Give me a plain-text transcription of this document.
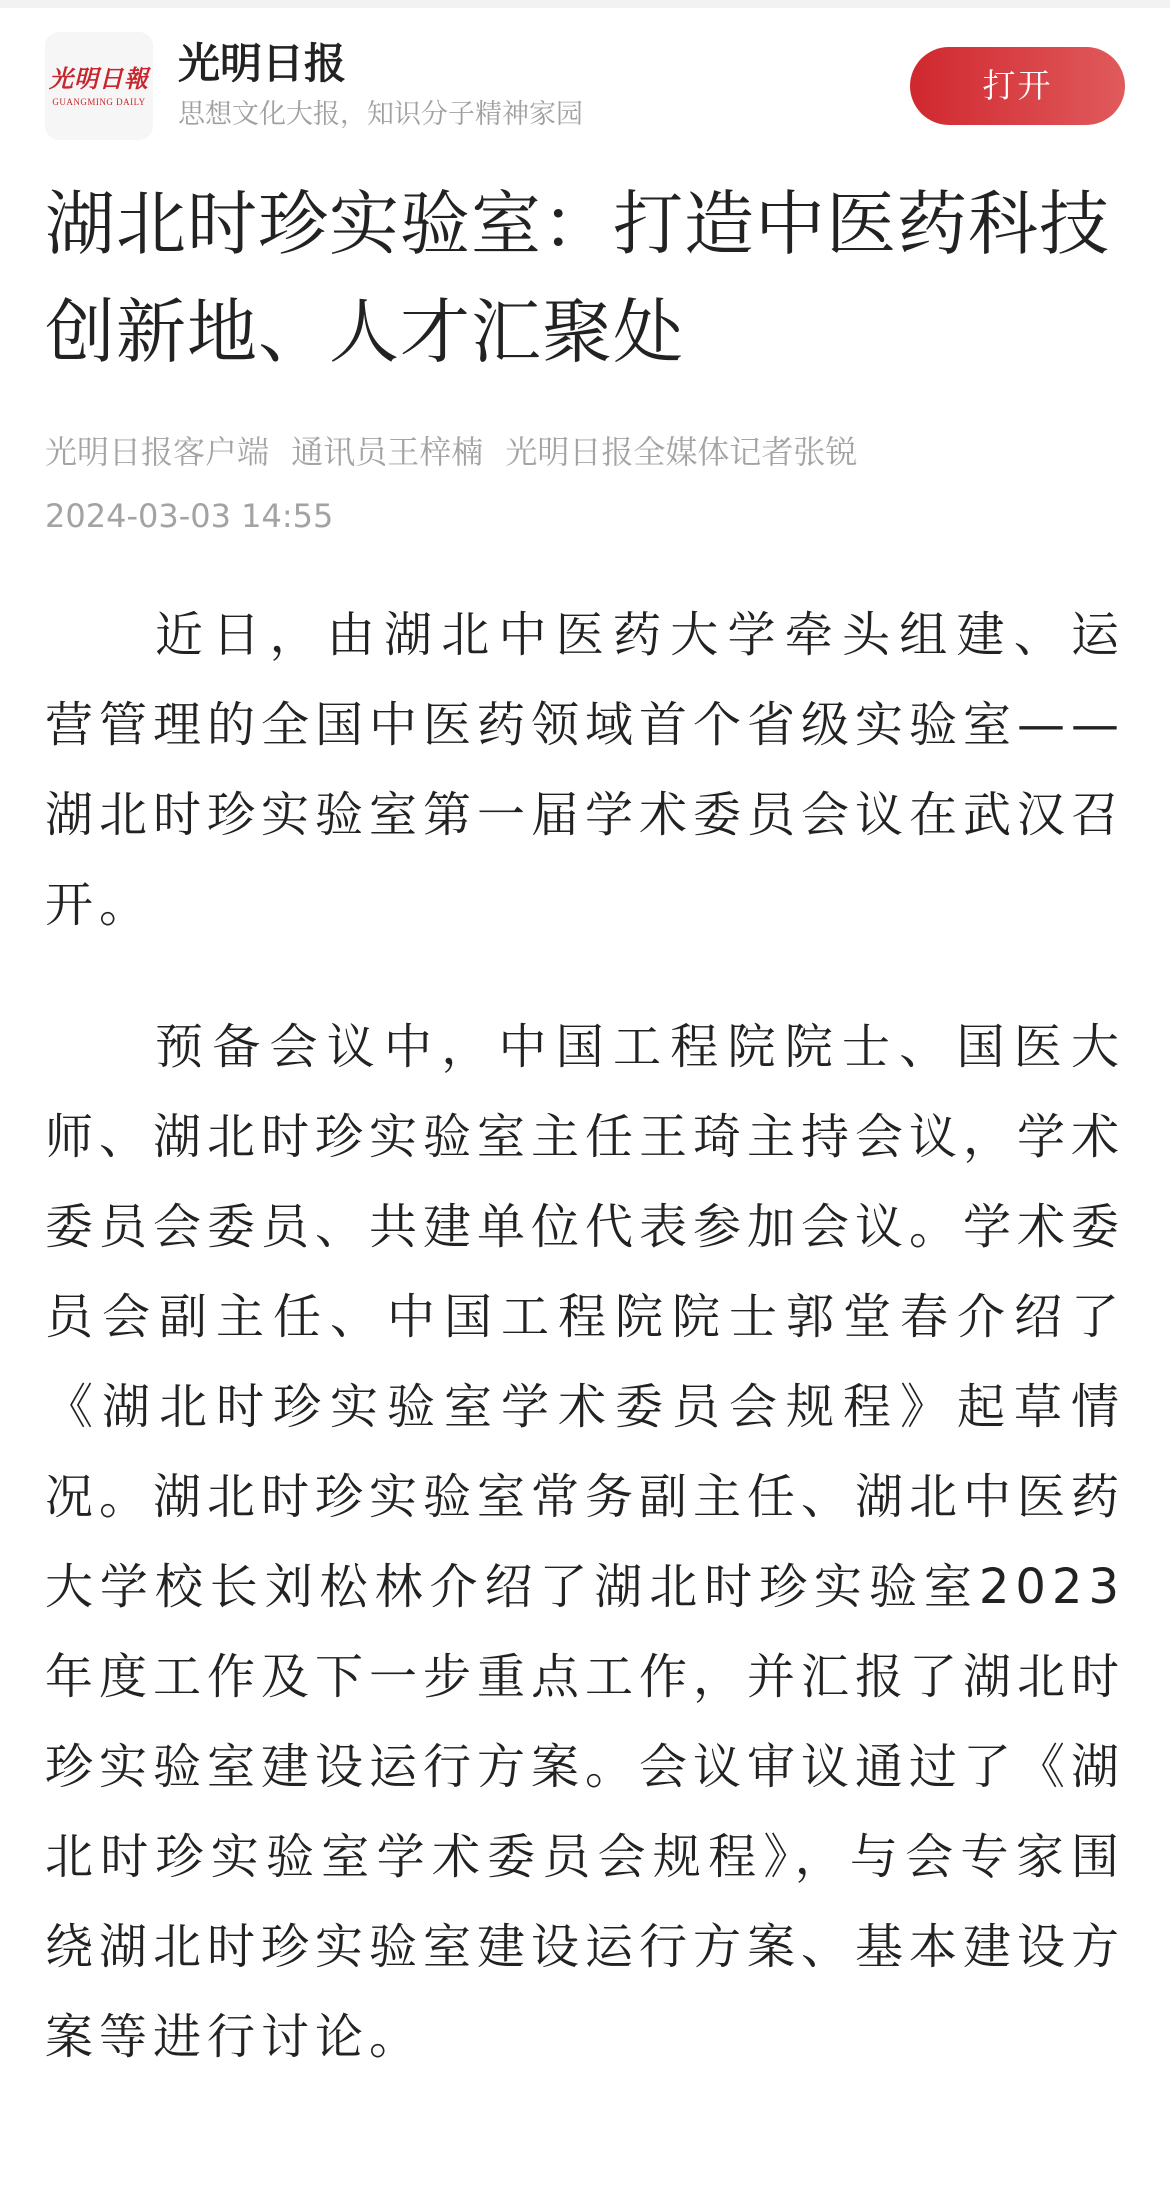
光明日報
GUANGMING DAILY
光明日报
思想文化大报，知识分子精神家园
打开
湖北时珍实验室：打造中医药科技创新地、人才汇聚处
光明日报客户端 通讯员王梓楠 光明日报全媒体记者张锐
2024-03-03 14:55

近日，由湖北中医药大学牵头组建、运营管理的全国中医药领域首个省级实验室——湖北时珍实验室第一届学术委员会议在武汉召开。

预备会议中，中国工程院院士、国医大师、湖北时珍实验室主任王琦主持会议，学术委员会委员、共建单位代表参加会议。学术委员会副主任、中国工程院院士郭堂春介绍了《湖北时珍实验室学术委员会规程》起草情况。湖北时珍实验室常务副主任、湖北中医药大学校长刘松林介绍了湖北时珍实验室2023年度工作及下一步重点工作，并汇报了湖北时珍实验室建设运行方案。会议审议通过了《湖北时珍实验室学术委员会规程》，与会专家围绕湖北时珍实验室建设运行方案、基本建设方案等进行讨论。
